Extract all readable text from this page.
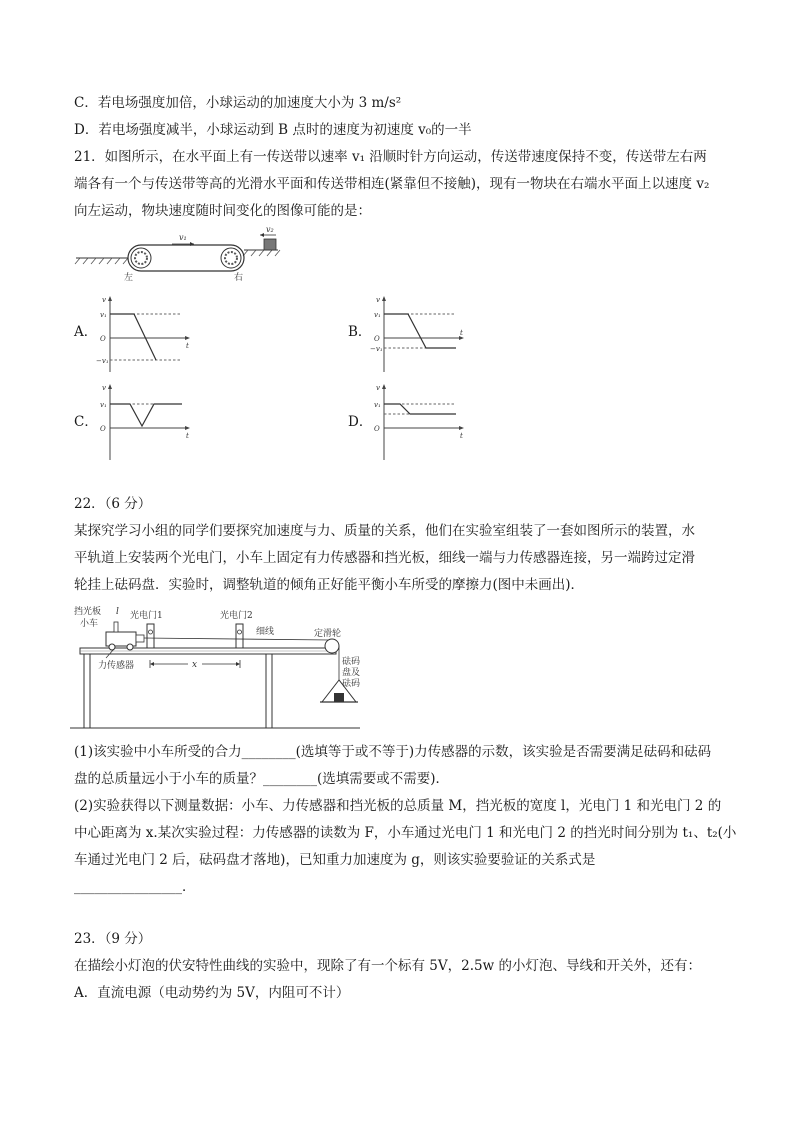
C．若电场强度加倍，小球运动的加速度大小为 3 m/s²
D．若电场强度减半，小球运动到 B 点时的速度为初速度 v₀的一半
21．如图所示，在水平面上有一传送带以速率 v₁ 沿顺时针方向运动，传送带速度保持不变，传送带左右两
端各有一个与传送带等高的光滑水平面和传送带相连(紧靠但不接触)，现有一物块在右端水平面上以速度 v₂
向左运动，物块速度随时间变化的图像可能的是：
v₁
v₂
左	右
A．
v
v₁
O
−v₁
t
B．
v
v₁
O
−v₁
t
C．
v
v₁
O
t
D．
v
v₁
O
t
22．（6 分）
某探究学习小组的同学们要探究加速度与力、质量的关系，他们在实验室组装了一套如图所示的装置，水
平轨道上安装两个光电门，小车上固定有力传感器和挡光板，细线一端与力传感器连接，另一端跨过定滑
轮挂上砝码盘．实验时，调整轨道的倾角正好能平衡小车所受的摩擦力(图中未画出)．
挡光板
小车
l 光电门1	光电门2
细线	定滑轮
力传感器	x	砝码
盘及
砝码
(1)该实验中小车所受的合力________(选填等于或不等于)力传感器的示数，该实验是否需要满足砝码和砝码
盘的总质量远小于小车的质量？________(选填需要或不需要)．
(2)实验获得以下测量数据：小车、力传感器和挡光板的总质量 M，挡光板的宽度 l，光电门 1 和光电门 2 的
中心距离为 x.某次实验过程：力传感器的读数为 F，小车通过光电门 1 和光电门 2 的挡光时间分别为 t₁、t₂(小
车通过光电门 2 后，砝码盘才落地)，已知重力加速度为 g，则该实验要验证的关系式是
________________．
23．（9 分）
在描绘小灯泡的伏安特性曲线的实验中，现除了有一个标有 5V，2.5w 的小灯泡、导线和开关外，还有：
A．直流电源（电动势约为 5V，内阻可不计）
